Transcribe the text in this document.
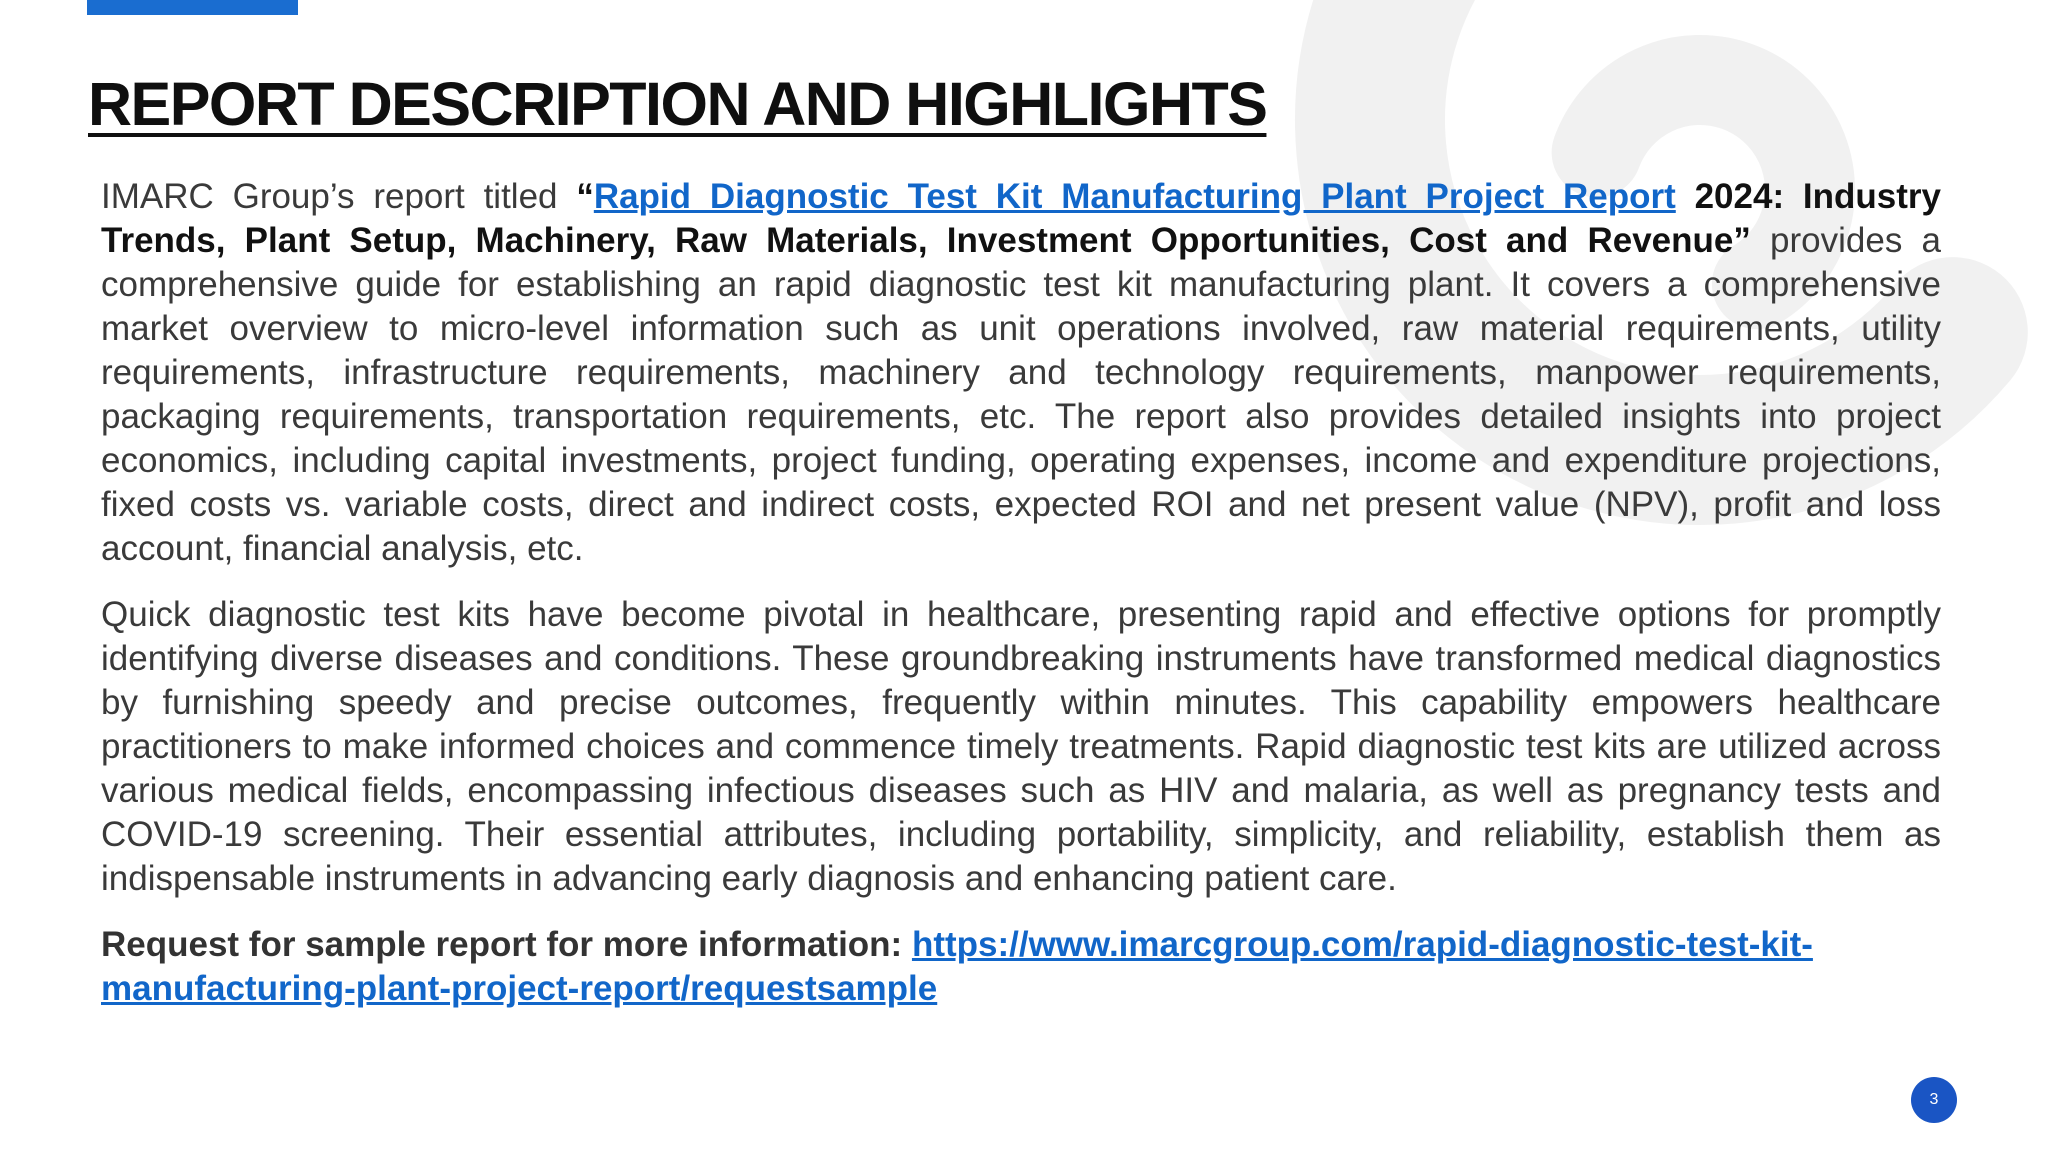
REPORT DESCRIPTION AND HIGHLIGHTS

IMARC Group’s report titled “Rapid Diagnostic Test Kit Manufacturing Plant Project Report 2024: Industry Trends, Plant Setup, Machinery, Raw Materials, Investment Opportunities, Cost and Revenue” provides a comprehensive guide for establishing an rapid diagnostic test kit manufacturing plant. It covers a comprehensive market overview to micro-level information such as unit operations involved, raw material requirements, utility requirements, infrastructure requirements, machinery and technology requirements, manpower requirements, packaging requirements, transportation requirements, etc. The report also provides detailed insights into project economics, including capital investments, project funding, operating expenses, income and expenditure projections, fixed costs vs. variable costs, direct and indirect costs, expected ROI and net present value (NPV), profit and loss account, financial analysis, etc.

Quick diagnostic test kits have become pivotal in healthcare, presenting rapid and effective options for promptly identifying diverse diseases and conditions. These groundbreaking instruments have transformed medical diagnostics by furnishing speedy and precise outcomes, frequently within minutes. This capability empowers healthcare practitioners to make informed choices and commence timely treatments. Rapid diagnostic test kits are utilized across various medical fields, encompassing infectious diseases such as HIV and malaria, as well as pregnancy tests and COVID-19 screening. Their essential attributes, including portability, simplicity, and reliability, establish them as indispensable instruments in advancing early diagnosis and enhancing patient care.

Request for sample report for more information: https://www.imarcgroup.com/rapid-diagnostic-test-kit-manufacturing-plant-project-report/requestsample

3
